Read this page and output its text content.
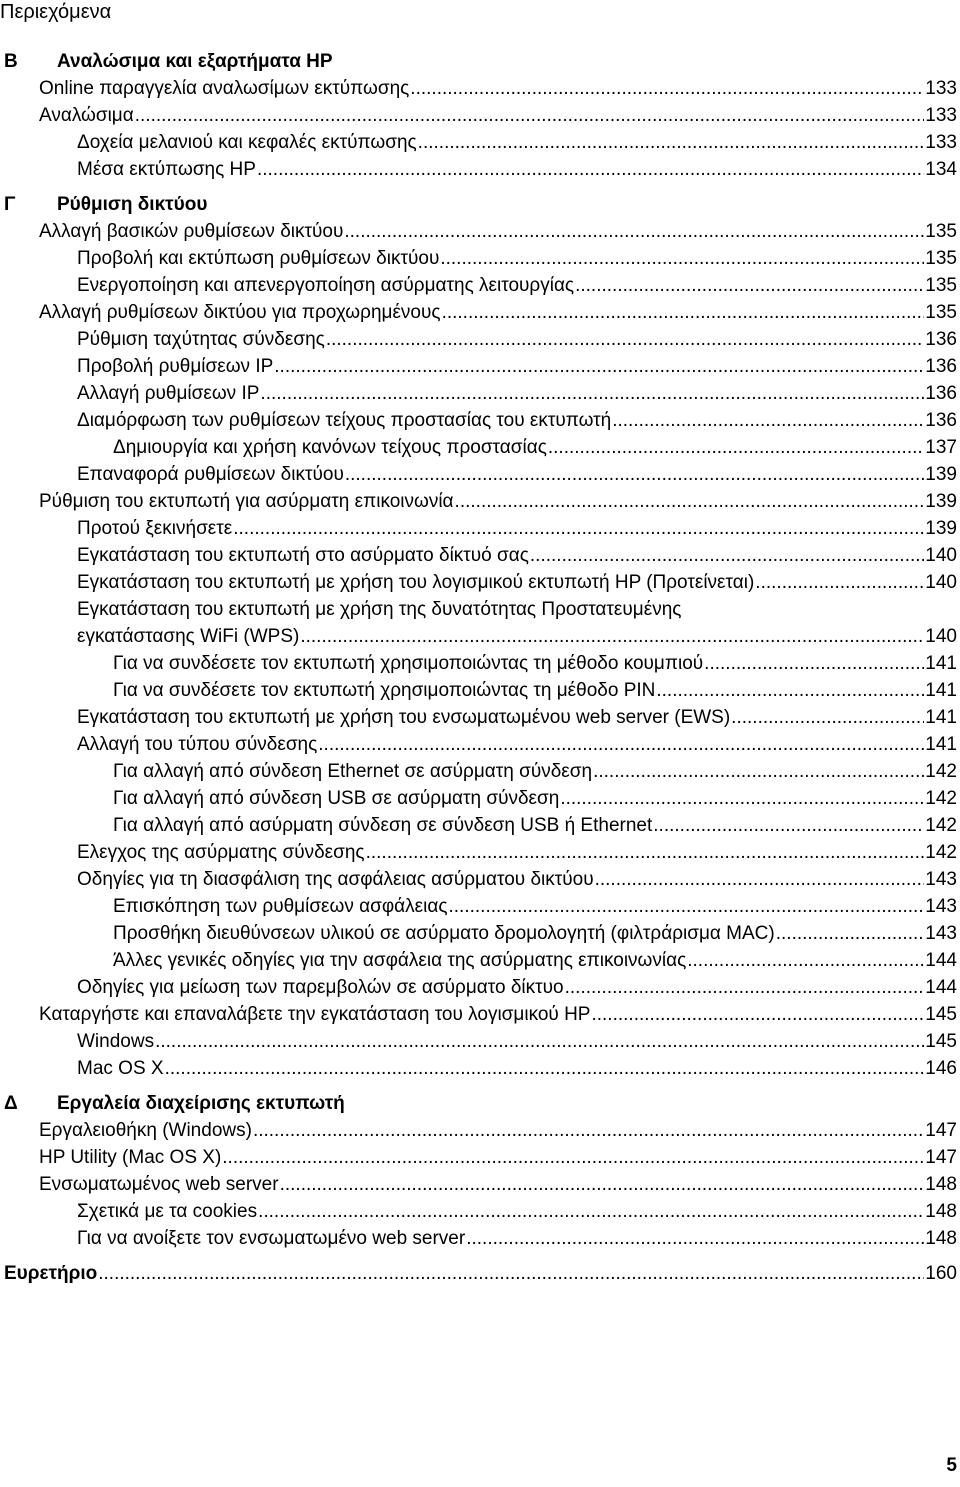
Περιεχόμενα
Β Αναλώσιμα και εξαρτήματα HP
Online παραγγελία αναλωσίμων εκτύπωσης .....	133
Αναλώσιμα .....	133
Δοχεία μελανιού και κεφαλές εκτύπωσης .....	133
Μέσα εκτύπωσης HP .....	134
Γ Ρύθμιση δικτύου
Αλλαγή βασικών ρυθμίσεων δικτύου .....	135
Προβολή και εκτύπωση ρυθμίσεων δικτύου .....	135
Ενεργοποίηση και απενεργοποίηση ασύρματης λειτουργίας .....	135
Αλλαγή ρυθμίσεων δικτύου για προχωρημένους .....	135
Ρύθμιση ταχύτητας σύνδεσης .....	136
Προβολή ρυθμίσεων IP .....	136
Αλλαγή ρυθμίσεων IP .....	136
Διαμόρφωση των ρυθμίσεων τείχους προστασίας του εκτυπωτή .....	136
Δημιουργία και χρήση κανόνων τείχους προστασίας .....	137
Επαναφορά ρυθμίσεων δικτύου .....	139
Ρύθμιση του εκτυπωτή για ασύρματη επικοινωνία .....	139
Προτού ξεκινήσετε .....	139
Εγκατάσταση του εκτυπωτή στο ασύρματο δίκτυό σας .....	140
Εγκατάσταση του εκτυπωτή με χρήση του λογισμικού εκτυπωτή HP (Προτείνεται) .....	140
Εγκατάσταση του εκτυπωτή με χρήση της δυνατότητας Προστατευμένης
εγκατάστασης WiFi (WPS) .....	140
Για να συνδέσετε τον εκτυπωτή χρησιμοποιώντας τη μέθοδο κουμπιού .....	141
Για να συνδέσετε τον εκτυπωτή χρησιμοποιώντας τη μέθοδο PIN .....	141
Εγκατάσταση του εκτυπωτή με χρήση του ενσωματωμένου web server (EWS) .....	141
Αλλαγή του τύπου σύνδεσης .....	141
Για αλλαγή από σύνδεση Ethernet σε ασύρματη σύνδεση .....	142
Για αλλαγή από σύνδεση USB σε ασύρματη σύνδεση .....	142
Για αλλαγή από ασύρματη σύνδεση σε σύνδεση USB ή Ethernet .....	142
Ελεγχος της ασύρματης σύνδεσης .....	142
Οδηγίες για τη διασφάλιση της ασφάλειας ασύρματου δικτύου .....	143
Επισκόπηση των ρυθμίσεων ασφάλειας .....	143
Προσθήκη διευθύνσεων υλικού σε ασύρματο δρομολογητή (φιλτράρισμα MAC) .....	143
Άλλες γενικές οδηγίες για την ασφάλεια της ασύρματης επικοινωνίας .....	144
Οδηγίες για μείωση των παρεμβολών σε ασύρματο δίκτυο .....	144
Καταργήστε και επαναλάβετε την εγκατάσταση του λογισμικού HP .....	145
Windows .....	145
Mac OS X .....	146
Δ Εργαλεία διαχείρισης εκτυπωτή
Εργαλειοθήκη (Windows) .....	147
HP Utility (Mac OS X) .....	147
Ενσωματωμένος web server .....	148
Σχετικά με τα cookies .....	148
Για να ανοίξετε τον ενσωματωμένο web server .....	148
Ευρετήριο .....	160
5
